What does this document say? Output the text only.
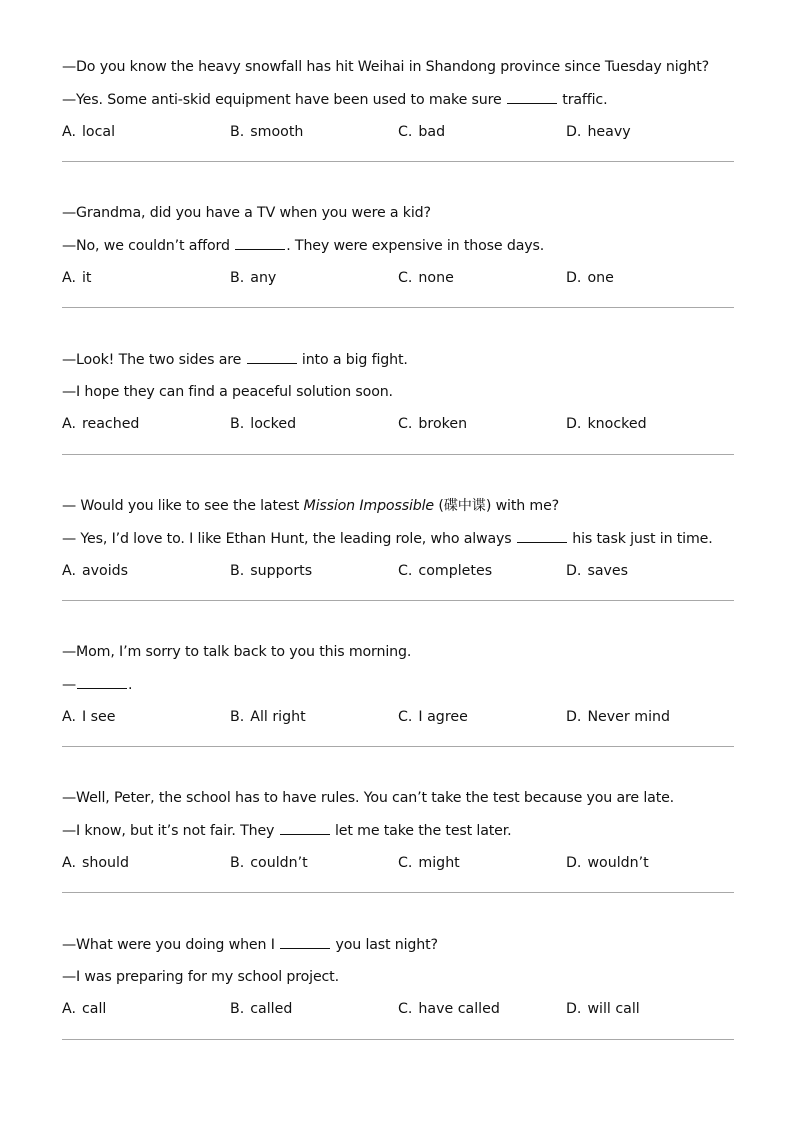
—Do you know the heavy snowfall has hit Weihai in Shandong province since Tuesday night?
—Yes. Some anti-skid equipment have been used to make sure	traffic.
A. local	B. smooth	C. bad	D. heavy
—Grandma, did you have a TV when you were a kid?
—No, we couldn’t afford	. They were expensive in those days.
A. it	B. any	C. none	D. one
—Look! The two sides are	into a big fight.
—I hope they can find a peaceful solution soon.
A. reached	B. locked	C. broken	D. knocked
— Would you like to see the latest Mission Impossible (碟中谍) with me?
— Yes, I’d love to. I like Ethan Hunt, the leading role, who always	his task just in time.
A. avoids	B. supports	C. completes	D. saves
—Mom, I’m sorry to talk back to you this morning.
—	.
A. I see	B. All right	C. I agree	D. Never mind
—Well, Peter, the school has to have rules. You can’t take the test because you are late.
—I know, but it’s not fair. They	let me take the test later.
A. should	B. couldn’t	C. might	D. wouldn’t
—What were you doing when I	you last night?
—I was preparing for my school project.
A. call	B. called	C. have called	D. will call
